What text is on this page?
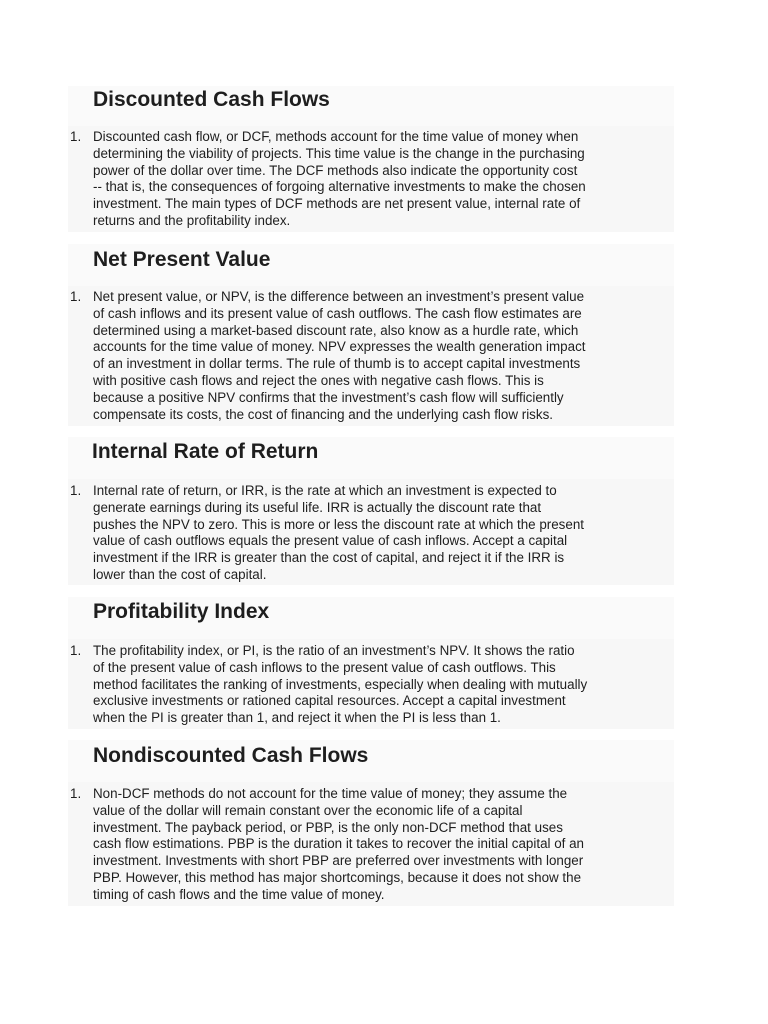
Discounted Cash Flows
1. Discounted cash flow, or DCF, methods account for the time value of money when
determining the viability of projects. This time value is the change in the purchasing
power of the dollar over time. The DCF methods also indicate the opportunity cost
-- that is, the consequences of forgoing alternative investments to make the chosen
investment. The main types of DCF methods are net present value, internal rate of
returns and the profitability index.
Net Present Value
1. Net present value, or NPV, is the difference between an investment’s present value
of cash inflows and its present value of cash outflows. The cash flow estimates are
determined using a market-based discount rate, also know as a hurdle rate, which
accounts for the time value of money. NPV expresses the wealth generation impact
of an investment in dollar terms. The rule of thumb is to accept capital investments
with positive cash flows and reject the ones with negative cash flows. This is
because a positive NPV confirms that the investment’s cash flow will sufficiently
compensate its costs, the cost of financing and the underlying cash flow risks.
Internal Rate of Return
1. Internal rate of return, or IRR, is the rate at which an investment is expected to
generate earnings during its useful life. IRR is actually the discount rate that
pushes the NPV to zero. This is more or less the discount rate at which the present
value of cash outflows equals the present value of cash inflows. Accept a capital
investment if the IRR is greater than the cost of capital, and reject it if the IRR is
lower than the cost of capital.
Profitability Index
1. The profitability index, or PI, is the ratio of an investment’s NPV. It shows the ratio
of the present value of cash inflows to the present value of cash outflows. This
method facilitates the ranking of investments, especially when dealing with mutually
exclusive investments or rationed capital resources. Accept a capital investment
when the PI is greater than 1, and reject it when the PI is less than 1.
Nondiscounted Cash Flows
1. Non-DCF methods do not account for the time value of money; they assume the
value of the dollar will remain constant over the economic life of a capital
investment. The payback period, or PBP, is the only non-DCF method that uses
cash flow estimations. PBP is the duration it takes to recover the initial capital of an
investment. Investments with short PBP are preferred over investments with longer
PBP. However, this method has major shortcomings, because it does not show the
timing of cash flows and the time value of money.
